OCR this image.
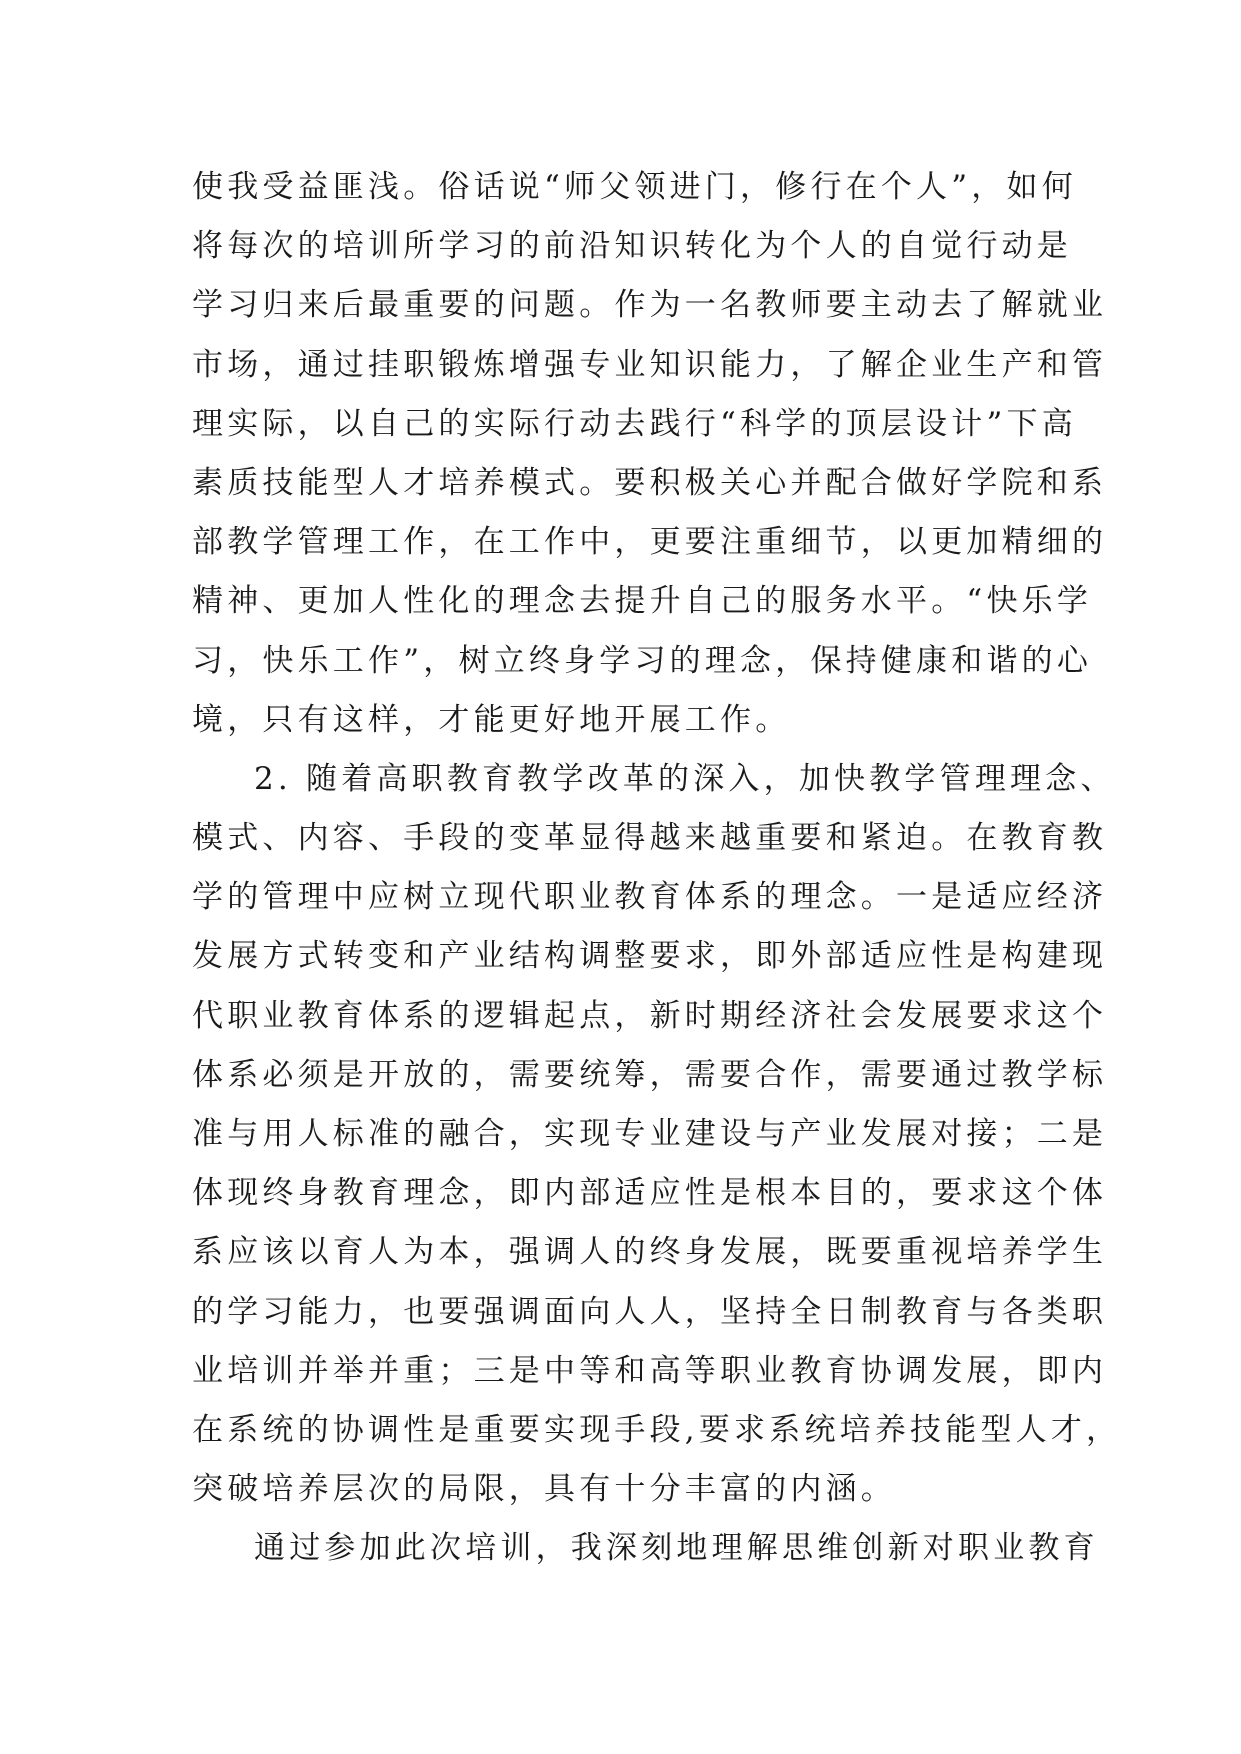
使我受益匪浅。俗话说“师父领进门，修行在个人”，如何
将每次的培训所学习的前沿知识转化为个人的自觉行动是
学习归来后最重要的问题。作为一名教师要主动去了解就业
市场，通过挂职锻炼增强专业知识能力，了解企业生产和管
理实际，以自己的实际行动去践行“科学的顶层设计”下高
素质技能型人才培养模式。要积极关心并配合做好学院和系
部教学管理工作，在工作中，更要注重细节，以更加精细的
精神、更加人性化的理念去提升自己的服务水平。“快乐学
习，快乐工作”，树立终身学习的理念，保持健康和谐的心
境，只有这样，才能更好地开展工作。
2. 随着高职教育教学改革的深入，加快教学管理理念、
模式、内容、手段的变革显得越来越重要和紧迫。在教育教
学的管理中应树立现代职业教育体系的理念。一是适应经济
发展方式转变和产业结构调整要求，即外部适应性是构建现
代职业教育体系的逻辑起点，新时期经济社会发展要求这个
体系必须是开放的，需要统筹，需要合作，需要通过教学标
准与用人标准的融合，实现专业建设与产业发展对接；二是
体现终身教育理念，即内部适应性是根本目的，要求这个体
系应该以育人为本，强调人的终身发展，既要重视培养学生
的学习能力，也要强调面向人人，坚持全日制教育与各类职
业培训并举并重；三是中等和高等职业教育协调发展，即内
在系统的协调性是重要实现手段,要求系统培养技能型人才，
突破培养层次的局限，具有十分丰富的内涵。
通过参加此次培训，我深刻地理解思维创新对职业教育
